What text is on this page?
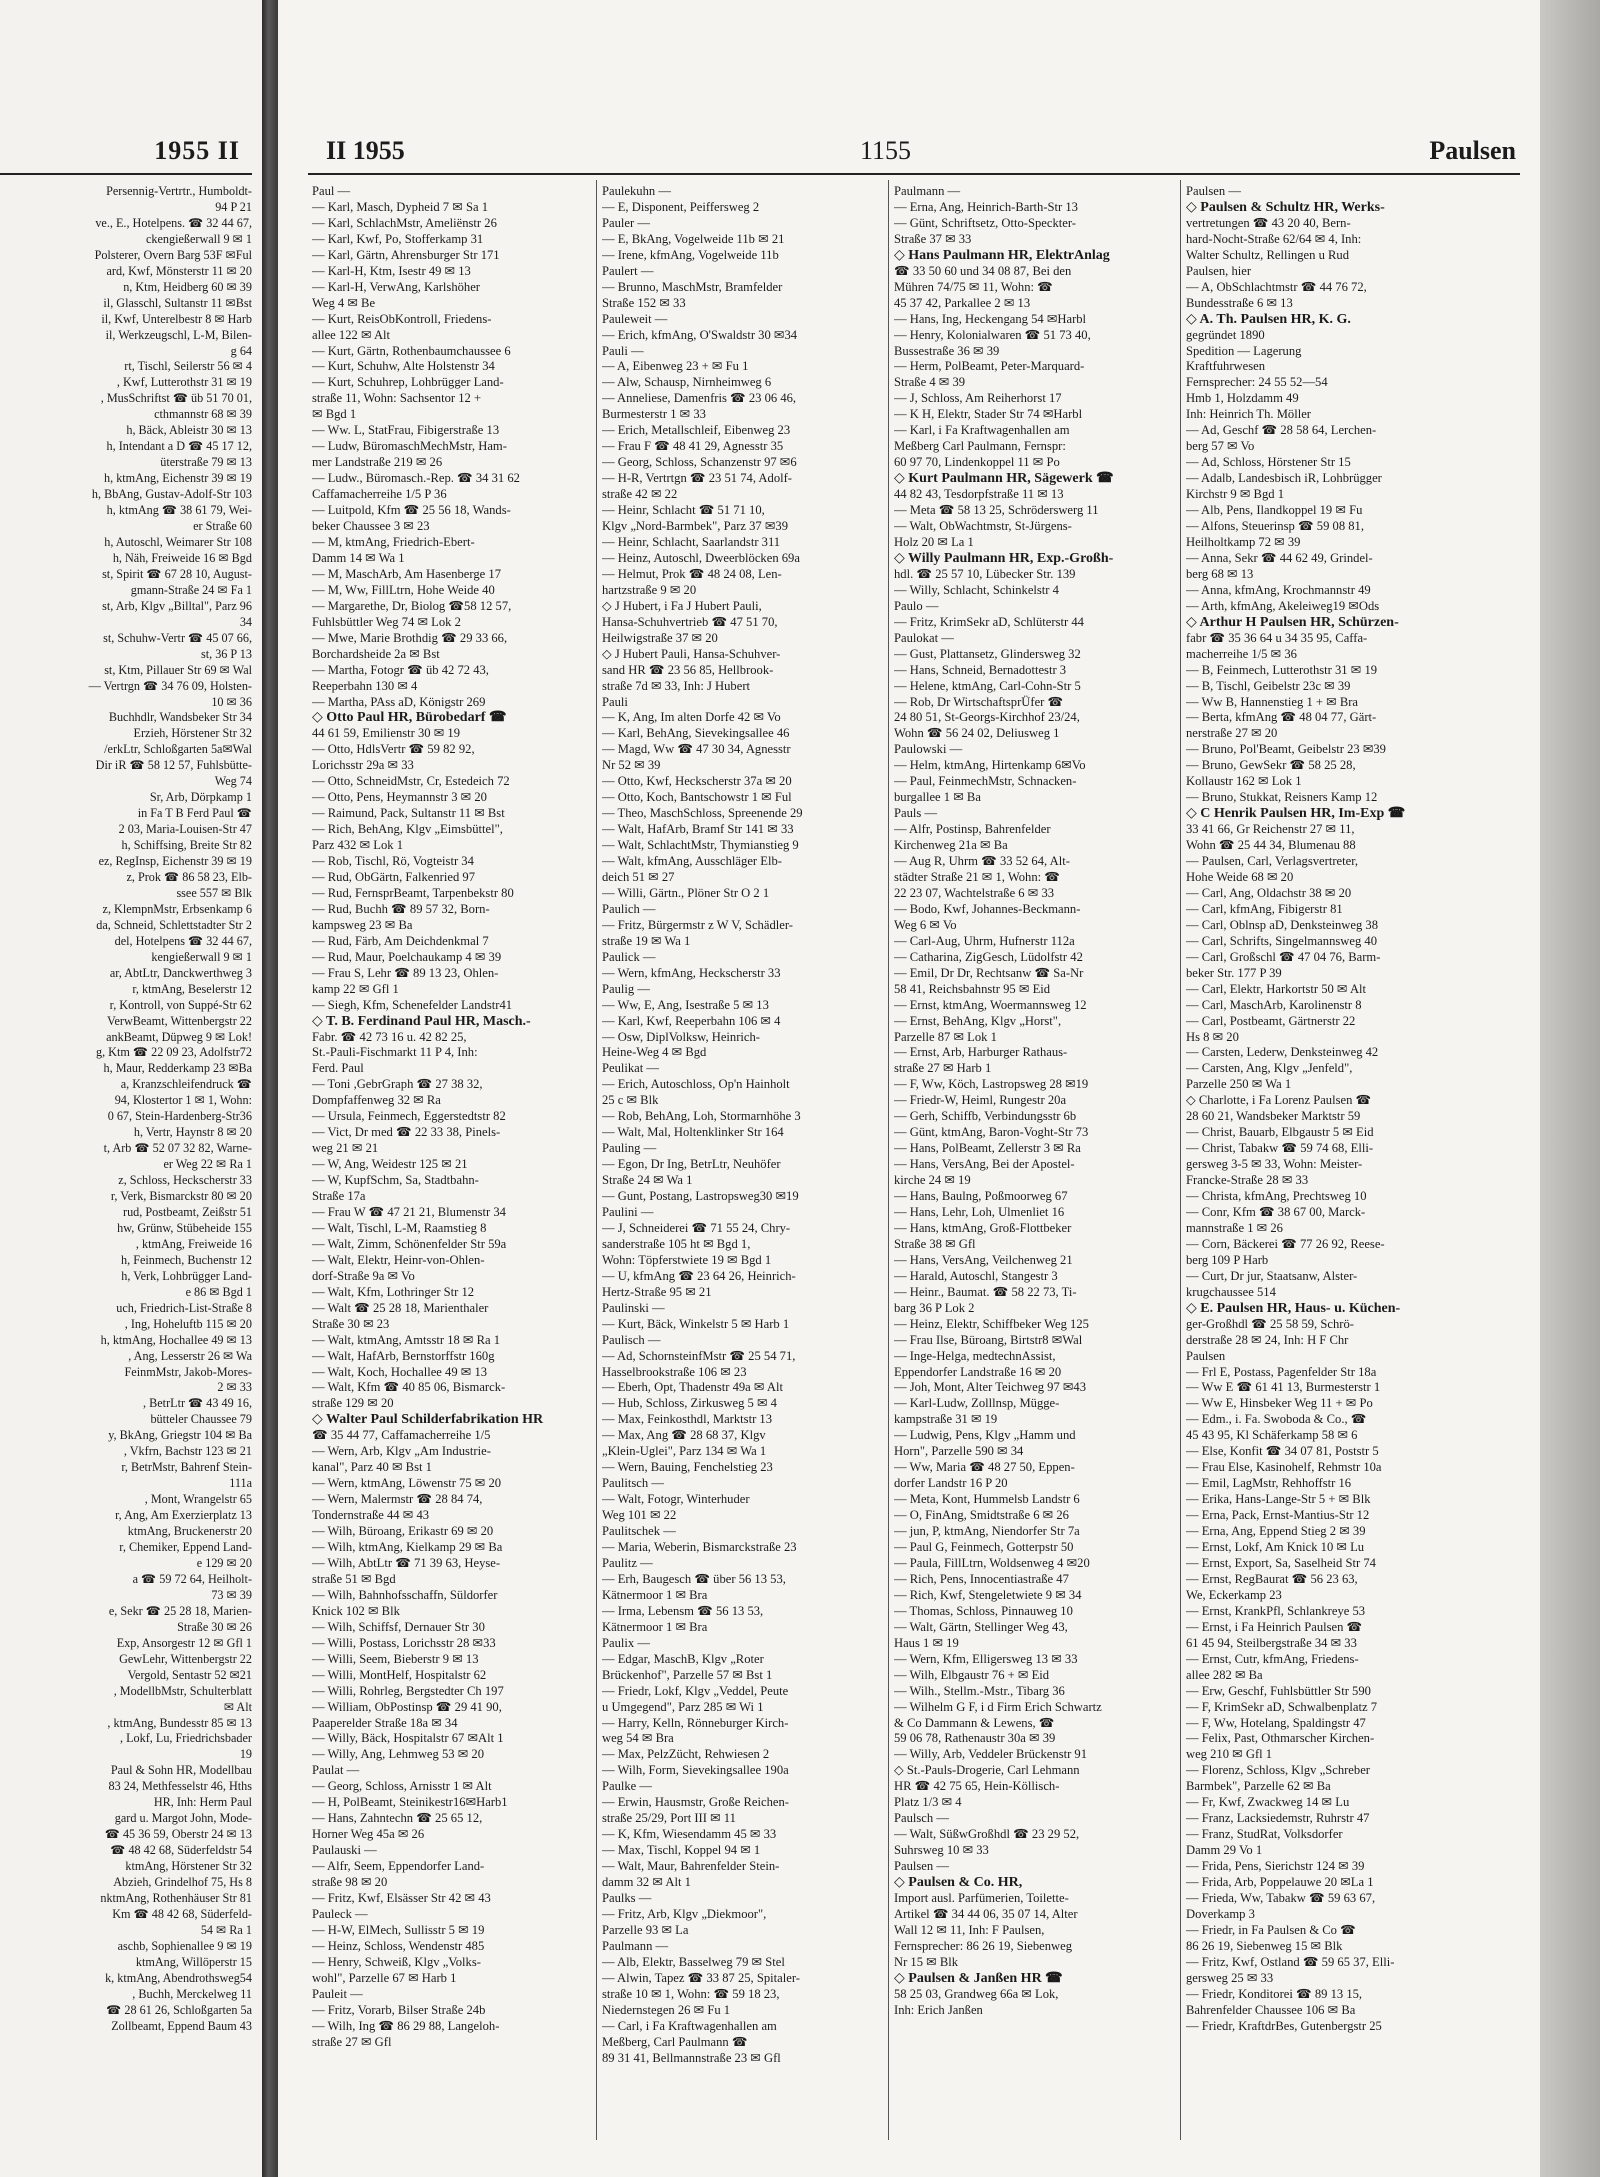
1955 II
Persennig-Vertrtr., Humboldt-
94 P 21
ve., E., Hotelpens. ☎ 32 44 67,
ckengießerwall 9 ✉ 1
Polsterer, Overn Barg 53F ✉Ful
ard, Kwf, Mönsterstr 11 ✉ 20
n, Ktm, Heidberg 60 ✉ 39
il, Glasschl, Sultanstr 11 ✉Bst
il, Kwf, Unterelbestr 8 ✉ Harb
il, Werkzeugschl, L-M, Bilen-
g 64
rt, Tischl, Seilerstr 56 ✉ 4
, Kwf, Lutterothstr 31 ✉ 19
, MusSchriftst ☎ üb 51 70 01,
cthmannstr 68 ✉ 39
h, Bäck, Ableistr 30 ✉ 13
h, Intendant a D ☎ 45 17 12,
üterstraße 79 ✉ 13
h, ktmAng, Eichenstr 39 ✉ 19
h, BbAng, Gustav-Adolf-Str 103
h, ktmAng ☎ 38 61 79, Wei-
er Straße 60
h, Autoschl, Weimarer Str 108
h, Näh, Freiweide 16 ✉ Bgd
st, Spirit ☎ 67 28 10, August-
gmann-Straße 24 ✉ Fa 1
st, Arb, Klgv „Billtal", Parz 96
34
st, Schuhw-Vertr ☎ 45 07 66,
st, 36 P 13
st, Ktm, Pillauer Str 69 ✉ Wal
— Vertrgn ☎ 34 76 09, Holsten-
10 ✉ 36
Buchhdlr, Wandsbeker Str 34
Erzieh, Hörstener Str 32
/erkLtr, Schloßgarten 5a✉Wal
Dir iR ☎ 58 12 57, Fuhlsbütte-
Weg 74
Sr, Arb, Dörpkamp 1
in Fa T B Ferd Paul ☎
2 03, Maria-Louisen-Str 47
h, Schiffsing, Breite Str 82
ez, RegInsp, Eichenstr 39 ✉ 19
z, Prok ☎ 86 58 23, Elb-
ssee 557 ✉ Blk
z, KlempnMstr, Erbsenkamp 6
da, Schneid, Schlettstadter Str 2
del, Hotelpens ☎ 32 44 67,
kengießerwall 9 ✉ 1
ar, AbtLtr, Danckwerthweg 3
r, ktmAng, Beselerstr 12
r, Kontroll, von Suppé-Str 62
VerwBeamt, Wittenbergstr 22
ankBeamt, Düpweg 9 ✉ Lok!
g, Ktm ☎ 22 09 23, Adolfstr72
h, Maur, Redderkamp 23 ✉Ba
a, Kranzschleifendruck ☎
94, Klostertor 1 ✉ 1, Wohn:
0 67, Stein-Hardenberg-Str36
h, Vertr, Haynstr 8 ✉ 20
t, Arb ☎ 52 07 32 82, Warne-
er Weg 22 ✉ Ra 1
z, Schloss, Heckscherstr 33
r, Verk, Bismarckstr 80 ✉ 20
rud, Postbeamt, Zeißstr 51
hw, Grünw, Stübeheide 155
, ktmAng, Freiweide 16
h, Feinmech, Buchenstr 12
h, Verk, Lohbrügger Land-
e 86 ✉ Bgd 1
uch, Friedrich-List-Straße 8
, Ing, Hoheluftb 115 ✉ 20
h, ktmAng, Hochallee 49 ✉ 13
, Ang, Lesserstr 26 ✉ Wa
FeinmMstr, Jakob-Mores-
2 ✉ 33
, BetrLtr ☎ 43 49 16,
bütteler Chaussee 79
y, BkAng, Griegstr 104 ✉ Ba
, Vkfrn, Bachstr 123 ✉ 21
r, BetrMstr, Bahrenf Stein-
111a
, Mont, Wrangelstr 65
r, Ang, Am Exerzierplatz 13
ktmAng, Bruckenerstr 20
r, Chemiker, Eppend Land-
e 129 ✉ 20
a ☎ 59 72 64, Heilholt-
73 ✉ 39
e, Sekr ☎ 25 28 18, Marien-
Straße 30 ✉ 26
Exp, Ansorgestr 12 ✉ Gfl 1
GewLehr, Wittenbergstr 22
Vergold, Sentastr 52 ✉21
, ModellbMstr, Schulterblatt
✉ Alt
, ktmAng, Bundesstr 85 ✉ 13
, Lokf, Lu, Friedrichsbader
19
Paul & Sohn HR, Modellbau
83 24, Methfesselstr 46, Hths
HR, Inh: Herm Paul
gard u. Margot John, Mode-
☎ 45 36 59, Oberstr 24 ✉ 13
☎ 48 42 68, Süderfeldstr 54
ktmAng, Hörstener Str 32
Abzieh, Grindelhof 75, Hs 8
nktmAng, Rothenhäuser Str 81
Km ☎ 48 42 68, Süderfeld-
54 ✉ Ra 1
aschb, Sophienallee 9 ✉ 19
ktmAng, Willöperstr 15
k, ktmAng, Abendrothsweg54
, Buchh, Merckelweg 11
☎ 28 61 26, Schloßgarten 5a
Zollbeamt, Eppend Baum 43
II 1955	1155	Paulsen
Paul —
— Karl, Masch, Dypheid 7 ✉ Sa 1
— Karl, SchlachMstr, Ameliënstr 26
— Karl, Kwf, Po, Stofferkamp 31
— Karl, Gärtn, Ahrensburger Str 171
— Karl-H, Ktm, Isestr 49 ✉ 13
— Karl-H, VerwAng, Karlshöher
Weg 4 ✉ Be
— Kurt, ReisObKontroll, Friedens-
allee 122 ✉ Alt
— Kurt, Gärtn, Rothenbaumchaussee 6
— Kurt, Schuhw, Alte Holstenstr 34
— Kurt, Schuhrep, Lohbrügger Land-
straße 11, Wohn: Sachsentor 12 +
✉ Bgd 1
— Ww. L, StatFrau, Fibigerstraße 13
— Ludw, BüromaschMechMstr, Ham-
mer Landstraße 219 ✉ 26
— Ludw., Büromasch.-Rep. ☎ 34 31 62
Caffamacherreihe 1/5 P 36
— Luitpold, Kfm ☎ 25 56 18, Wands-
beker Chaussee 3 ✉ 23
— M, ktmAng, Friedrich-Ebert-
Damm 14 ✉ Wa 1
— M, MaschArb, Am Hasenberge 17
— M, Ww, FillLtrn, Hohe Weide 40
— Margarethe, Dr, Biolog ☎58 12 57,
Fuhlsbüttler Weg 74 ✉ Lok 2
— Mwe, Marie Brothdig ☎ 29 33 66,
Borchardsheide 2a ✉ Bst
— Martha, Fotogr ☎ üb 42 72 43,
Reeperbahn 130 ✉ 4
— Martha, PAss aD, Königstr 269
◇ Otto Paul HR, Bürobedarf ☎
44 61 59, Emilienstr 30 ✉ 19
— Otto, HdlsVertr ☎ 59 82 92,
Lorichsstr 29a ✉ 33
— Otto, SchneidMstr, Cr, Estedeich 72
— Otto, Pens, Heymannstr 3 ✉ 20
— Raimund, Pack, Sultanstr 11 ✉ Bst
— Rich, BehAng, Klgv „Eimsbüttel",
Parz 432 ✉ Lok 1
— Rob, Tischl, Rö, Vogteistr 34
— Rud, ObGärtn, Falkenried 97
— Rud, FernsprBeamt, Tarpenbekstr 80
— Rud, Buchh ☎ 89 57 32, Born-
kampsweg 23 ✉ Ba
— Rud, Färb, Am Deichdenkmal 7
— Rud, Maur, Poelchaukamp 4 ✉ 39
— Frau S, Lehr ☎ 89 13 23, Ohlen-
kamp 22 ✉ Gfl 1
— Siegh, Kfm, Schenefelder Landstr41
◇ T. B. Ferdinand Paul HR, Masch.-
Fabr. ☎ 42 73 16 u. 42 82 25,
St.-Pauli-Fischmarkt 11 P 4, Inh:
Ferd. Paul
— Toni ,GebrGraph ☎ 27 38 32,
Dompfaffenweg 32 ✉ Ra
— Ursula, Feinmech, Eggerstedtstr 82
— Vict, Dr med ☎ 22 33 38, Pinels-
weg 21 ✉ 21
— W, Ang, Weidestr 125 ✉ 21
— W, KupfSchm, Sa, Stadtbahn-
Straße 17a
— Frau W ☎ 47 21 21, Blumenstr 34
— Walt, Tischl, L-M, Raamstieg 8
— Walt, Zimm, Schönenfelder Str 59a
— Walt, Elektr, Heinr-von-Ohlen-
dorf-Straße 9a ✉ Vo
— Walt, Kfm, Lothringer Str 12
— Walt ☎ 25 28 18, Marienthaler
Straße 30 ✉ 23
— Walt, ktmAng, Amtsstr 18 ✉ Ra 1
— Walt, HafArb, Bernstorffstr 160g
— Walt, Koch, Hochallee 49 ✉ 13
— Walt, Kfm ☎ 40 85 06, Bismarck-
straße 129 ✉ 20
◇ Walter Paul Schilderfabrikation HR
☎ 35 44 77, Caffamacherreihe 1/5
— Wern, Arb, Klgv „Am Industrie-
kanal", Parz 40 ✉ Bst 1
— Wern, ktmAng, Löwenstr 75 ✉ 20
— Wern, Malermstr ☎ 28 84 74,
Tondernstraße 44 ✉ 43
— Wilh, Büroang, Erikastr 69 ✉ 20
— Wilh, ktmAng, Kielkamp 29 ✉ Ba
— Wilh, AbtLtr ☎ 71 39 63, Heyse-
straße 51 ✉ Bgd
— Wilh, Bahnhofsschaffn, Süldorfer
Knick 102 ✉ Blk
— Wilh, Schiffsf, Dernauer Str 30
— Willi, Postass, Lorichsstr 28 ✉33
— Willi, Seem, Bieberstr 9 ✉ 13
— Willi, MontHelf, Hospitalstr 62
— Willi, Rohrleg, Bergstedter Ch 197
— William, ObPostinsp ☎ 29 41 90,
Paaperelder Straße 18a ✉ 34
— Willy, Bäck, Hospitalstr 67 ✉Alt 1
— Willy, Ang, Lehmweg 53 ✉ 20
Paulat —
— Georg, Schloss, Arnisstr 1 ✉ Alt
— H, PolBeamt, Steinikestr16✉Harb1
— Hans, Zahntechn ☎ 25 65 12,
Horner Weg 45a ✉ 26
Paulauski —
— Alfr, Seem, Eppendorfer Land-
straße 98 ✉ 20
— Fritz, Kwf, Elsässer Str 42 ✉ 43
Pauleck —
— H-W, ElMech, Sullisstr 5 ✉ 19
— Heinz, Schloss, Wendenstr 485
— Henry, Schweiß, Klgv „Volks-
wohl", Parzelle 67 ✉ Harb 1
Pauleit —
— Fritz, Vorarb, Bilser Straße 24b
— Wilh, Ing ☎ 86 29 88, Langeloh-
straße 27 ✉ Gfl
Paulekuhn —
— E, Disponent, Peiffersweg 2
Pauler —
— E, BkAng, Vogelweide 11b ✉ 21
— Irene, kfmAng, Vogelweide 11b
Paulert —
— Brunno, MaschMstr, Bramfelder
Straße 152 ✉ 33
Pauleweit —
— Erich, kfmAng, O'Swaldstr 30 ✉34
Pauli —
— A, Eibenweg 23 + ✉ Fu 1
— Alw, Schausp, Nirnheimweg 6
— Anneliese, Damenfris ☎ 23 06 46,
Burmesterstr 1 ✉ 33
— Erich, Metallschleif, Eibenweg 23
— Frau F ☎ 48 41 29, Agnesstr 35
— Georg, Schloss, Schanzenstr 97 ✉6
— H-R, Vertrtgn ☎ 23 51 74, Adolf-
straße 42 ✉ 22
— Heinr, Schlacht ☎ 51 71 10,
Klgv „Nord-Barmbek", Parz 37 ✉39
— Heinr, Schlacht, Saarlandstr 311
— Heinz, Autoschl, Dweerblöcken 69a
— Helmut, Prok ☎ 48 24 08, Len-
hartzstraße 9 ✉ 20
◇ J Hubert, i Fa J Hubert Pauli,
Hansa-Schuhvertrieb ☎ 47 51 70,
Heilwigstraße 37 ✉ 20
◇ J Hubert Pauli, Hansa-Schuhver-
sand HR ☎ 23 56 85, Hellbrook-
straße 7d ✉ 33, Inh: J Hubert
Pauli
— K, Ang, Im alten Dorfe 42 ✉ Vo
— Karl, BehAng, Sievekingsallee 46
— Magd, Ww ☎ 47 30 34, Agnesstr
Nr 52 ✉ 39
— Otto, Kwf, Heckscherstr 37a ✉ 20
— Otto, Koch, Bantschowstr 1 ✉ Ful
— Theo, MaschSchloss, Spreenende 29
— Walt, HafArb, Bramf Str 141 ✉ 33
— Walt, SchlachtMstr, Thymianstieg 9
— Walt, kfmAng, Ausschläger Elb-
deich 51 ✉ 27
— Willi, Gärtn., Plöner Str O 2 1
Paulich —
— Fritz, Bürgermstr z W V, Schädler-
straße 19 ✉ Wa 1
Paulick —
— Wern, kfmAng, Heckscherstr 33
Paulig —
— Ww, E, Ang, Isestraße 5 ✉ 13
— Karl, Kwf, Reeperbahn 106 ✉ 4
— Osw, DiplVolksw, Heinrich-
Heine-Weg 4 ✉ Bgd
Peulikat —
— Erich, Autoschloss, Op'n Hainholt
25 c ✉ Blk
— Rob, BehAng, Loh, Stormarnhöhe 3
— Walt, Mal, Holtenklinker Str 164
Pauling —
— Egon, Dr Ing, BetrLtr, Neuhöfer
Straße 24 ✉ Wa 1
— Gunt, Postang, Lastropsweg30 ✉19
Paulini —
— J, Schneiderei ☎ 71 55 24, Chry-
sanderstraße 105 ht ✉ Bgd 1,
Wohn: Töpferstwiete 19 ✉ Bgd 1
— U, kfmAng ☎ 23 64 26, Heinrich-
Hertz-Straße 95 ✉ 21
Paulinski —
— Kurt, Bäck, Winkelstr 5 ✉ Harb 1
Paulisch —
— Ad, SchornsteinfMstr ☎ 25 54 71,
Hasselbrookstraße 106 ✉ 23
— Eberh, Opt, Thadenstr 49a ✉ Alt
— Hub, Schloss, Zirkusweg 5 ✉ 4
— Max, Feinkosthdl, Marktstr 13
— Max, Ang ☎ 28 68 37, Klgv
„Klein-Uglei", Parz 134 ✉ Wa 1
— Wern, Bauing, Fenchelstieg 23
Paulitsch —
— Walt, Fotogr, Winterhuder
Weg 101 ✉ 22
Paulitschek —
— Maria, Weberin, Bismarckstraße 23
Paulitz —
— Erh, Baugesch ☎ über 56 13 53,
Kätnermoor 1 ✉ Bra
— Irma, Lebensm ☎ 56 13 53,
Kätnermoor 1 ✉ Bra
Paulix —
— Edgar, MaschB, Klgv „Roter
Brückenhof", Parzelle 57 ✉ Bst 1
— Friedr, Lokf, Klgv „Veddel, Peute
u Umgegend", Parz 285 ✉ Wi 1
— Harry, Kelln, Rönneburger Kirch-
weg 54 ✉ Bra
— Max, PelzZücht, Rehwiesen 2
— Wilh, Form, Sievekingsallee 190a
Paulke —
— Erwin, Hausmstr, Große Reichen-
straße 25/29, Port III ✉ 11
— K, Kfm, Wiesendamm 45 ✉ 33
— Max, Tischl, Koppel 94 ✉ 1
— Walt, Maur, Bahrenfelder Stein-
damm 32 ✉ Alt 1
Paulks —
— Fritz, Arb, Klgv „Diekmoor",
Parzelle 93 ✉ La
Paulmann —
— Alb, Elektr, Basselweg 79 ✉ Stel
— Alwin, Tapez ☎ 33 87 25, Spitaler-
straße 10 ✉ 1, Wohn: ☎ 59 18 23,
Niedernstegen 26 ✉ Fu 1
— Carl, i Fa Kraftwagenhallen am
Meßberg, Carl Paulmann ☎
89 31 41, Bellmannstraße 23 ✉ Gfl
Paulmann —
— Erna, Ang, Heinrich-Barth-Str 13
— Günt, Schriftsetz, Otto-Speckter-
Straße 37 ✉ 33
◇ Hans Paulmann HR, ElektrAnlag
☎ 33 50 60 und 34 08 87, Bei den
Mühren 74/75 ✉ 11, Wohn: ☎
45 37 42, Parkallee 2 ✉ 13
— Hans, Ing, Heckengang 54 ✉Harbl
— Henry, Kolonialwaren ☎ 51 73 40,
Bussestraße 36 ✉ 39
— Herm, PolBeamt, Peter-Marquard-
Straße 4 ✉ 39
— J, Schloss, Am Reiherhorst 17
— K H, Elektr, Stader Str 74 ✉Harbl
— Karl, i Fa Kraftwagenhallen am
Meßberg Carl Paulmann, Fernspr:
60 97 70, Lindenkoppel 11 ✉ Po
◇ Kurt Paulmann HR, Sägewerk ☎
44 82 43, Tesdorpfstraße 11 ✉ 13
— Meta ☎ 58 13 25, Schröderswerg 11
— Walt, ObWachtmstr, St-Jürgens-
Holz 20 ✉ La 1
◇ Willy Paulmann HR, Exp.-Großh-
hdl. ☎ 25 57 10, Lübecker Str. 139
— Willy, Schlacht, Schinkelstr 4
Paulo —
— Fritz, KrimSekr aD, Schlüterstr 44
Paulokat —
— Gust, Plattansetz, Glindersweg 32
— Hans, Schneid, Bernadottestr 3
— Helene, ktmAng, Carl-Cohn-Str 5
— Rob, Dr WirtschaftsprÜfer ☎
24 80 51, St-Georgs-Kirchhof 23/24,
Wohn ☎ 56 24 02, Deliusweg 1
Paulowski —
— Helm, ktmAng, Hirtenkamp 6✉Vo
— Paul, FeinmechMstr, Schnacken-
burgallee 1 ✉ Ba
Pauls —
— Alfr, Postinsp, Bahrenfelder
Kirchenweg 21a ✉ Ba
— Aug R, Uhrm ☎ 33 52 64, Alt-
städter Straße 21 ✉ 1, Wohn: ☎
22 23 07, Wachtelstraße 6 ✉ 33
— Bodo, Kwf, Johannes-Beckmann-
Weg 6 ✉ Vo
— Carl-Aug, Uhrm, Hufnerstr 112a
— Catharina, ZigGesch, Lüdolfstr 42
— Emil, Dr Dr, Rechtsanw ☎ Sa-Nr
58 41, Reichsbahnstr 95 ✉ Eid
— Ernst, ktmAng, Woermannsweg 12
— Ernst, BehAng, Klgv „Horst",
Parzelle 87 ✉ Lok 1
— Ernst, Arb, Harburger Rathaus-
straße 27 ✉ Harb 1
— F, Ww, Köch, Lastropsweg 28 ✉19
— Friedr-W, Heiml, Rungestr 20a
— Gerh, Schiffb, Verbindungsstr 6b
— Günt, ktmAng, Baron-Voght-Str 73
— Hans, PolBeamt, Zellerstr 3 ✉ Ra
— Hans, VersAng, Bei der Apostel-
kirche 24 ✉ 19
— Hans, Baulng, Poßmoorweg 67
— Hans, Lehr, Loh, Ulmenliet 16
— Hans, ktmAng, Groß-Flottbeker
Straße 38 ✉ Gfl
— Hans, VersAng, Veilchenweg 21
— Harald, Autoschl, Stangestr 3
— Heinr., Baumat. ☎ 58 22 73, Ti-
barg 36 P Lok 2
— Heinz, Elektr, Schiffbeker Weg 125
— Frau Ilse, Büroang, Birtstr8 ✉Wal
— Inge-Helga, medtechnAssist,
Eppendorfer Landstraße 16 ✉ 20
— Joh, Mont, Alter Teichweg 97 ✉43
— Karl-Ludw, Zolllnsp, Mügge-
kampstraße 31 ✉ 19
— Ludwig, Pens, Klgv „Hamm und
Horn", Parzelle 590 ✉ 34
— Ww, Maria ☎ 48 27 50, Eppen-
dorfer Landstr 16 P 20
— Meta, Kont, Hummelsb Landstr 6
— O, FinAng, Smidtstraße 6 ✉ 26
— jun, P, ktmAng, Niendorfer Str 7a
— Paul G, Feinmech, Gotterpstr 50
— Paula, FillLtrn, Woldsenweg 4 ✉20
— Rich, Pens, Innocentiastraße 47
— Rich, Kwf, Stengeletwiete 9 ✉ 34
— Thomas, Schloss, Pinnauweg 10
— Walt, Gärtn, Stellinger Weg 43,
Haus 1 ✉ 19
— Wern, Kfm, Elligersweg 13 ✉ 33
— Wilh, Elbgaustr 76 + ✉ Eid
— Wilh., Stellm.-Mstr., Tibarg 36
— Wilhelm G F, i d Firm Erich Schwartz
& Co Dammann & Lewens, ☎
59 06 78, Rathenaustr 30a ✉ 39
— Willy, Arb, Veddeler Brückenstr 91
◇ St.-Pauls-Drogerie, Carl Lehmann
HR ☎ 42 75 65, Hein-Köllisch-
Platz 1/3 ✉ 4
Paulsch —
— Walt, SüßwGroßhdl ☎ 23 29 52,
Suhrsweg 10 ✉ 33
Paulsen —
◇ Paulsen & Co. HR,
Import ausl. Parfümerien, Toilette-
Artikel ☎ 34 44 06, 35 07 14, Alter
Wall 12 ✉ 11, Inh: F Paulsen,
Fernsprecher: 86 26 19, Siebenweg
Nr 15 ✉ Blk
◇ Paulsen & Janßen HR ☎
58 25 03, Grandweg 66a ✉ Lok,
Inh: Erich Janßen
Paulsen —
◇ Paulsen & Schultz HR, Werks-
vertretungen ☎ 43 20 40, Bern-
hard-Nocht-Straße 62/64 ✉ 4, Inh:
Walter Schultz, Rellingen u Rud
Paulsen, hier
— A, ObSchlachtmstr ☎ 44 76 72,
Bundesstraße 6 ✉ 13
◇ A. Th. Paulsen HR, K. G.
gegründet 1890
Spedition — Lagerung
Kraftfuhrwesen
Fernsprecher: 24 55 52—54
Hmb 1, Holzdamm 49
Inh: Heinrich Th. Möller
— Ad, Geschf ☎ 28 58 64, Lerchen-
berg 57 ✉ Vo
— Ad, Schloss, Hörstener Str 15
— Adalb, Landesbisch iR, Lohbrügger
Kirchstr 9 ✉ Bgd 1
— Alb, Pens, Ilandkoppel 19 ✉ Fu
— Alfons, Steuerinsp ☎ 59 08 81,
Heilholtkamp 72 ✉ 39
— Anna, Sekr ☎ 44 62 49, Grindel-
berg 68 ✉ 13
— Anna, kfmAng, Krochmannstr 49
— Arth, kfmAng, Akeleiweg19 ✉Ods
◇ Arthur H Paulsen HR, Schürzen-
fabr ☎ 35 36 64 u 34 35 95, Caffa-
macherreihe 1/5 ✉ 36
— B, Feinmech, Lutterothstr 31 ✉ 19
— B, Tischl, Geibelstr 23c ✉ 39
— Ww B, Hannenstieg 1 + ✉ Bra
— Berta, kfmAng ☎ 48 04 77, Gärt-
nerstraße 27 ✉ 20
— Bruno, Pol'Beamt, Geibelstr 23 ✉39
— Bruno, GewSekr ☎ 58 25 28,
Kollaustr 162 ✉ Lok 1
— Bruno, Stukkat, Reisners Kamp 12
◇ C Henrik Paulsen HR, Im-Exp ☎
33 41 66, Gr Reichenstr 27 ✉ 11,
Wohn ☎ 25 44 34, Blumenau 88
— Paulsen, Carl, Verlagsvertreter,
Hohe Weide 68 ✉ 20
— Carl, Ang, Oldachstr 38 ✉ 20
— Carl, kfmAng, Fibigerstr 81
— Carl, Oblnsp aD, Denksteinweg 38
— Carl, Schrifts, Singelmannsweg 40
— Carl, Großschl ☎ 47 04 76, Barm-
beker Str. 177 P 39
— Carl, Elektr, Harkortstr 50 ✉ Alt
— Carl, MaschArb, Karolinenstr 8
— Carl, Postbeamt, Gärtnerstr 22
Hs 8 ✉ 20
— Carsten, Lederw, Denksteinweg 42
— Carsten, Ang, Klgv „Jenfeld",
Parzelle 250 ✉ Wa 1
◇ Charlotte, i Fa Lorenz Paulsen ☎
28 60 21, Wandsbeker Marktstr 59
— Christ, Bauarb, Elbgaustr 5 ✉ Eid
— Christ, Tabakw ☎ 59 74 68, Elli-
gersweg 3-5 ✉ 33, Wohn: Meister-
Francke-Straße 28 ✉ 33
— Christa, kfmAng, Prechtsweg 10
— Conr, Kfm ☎ 38 67 00, Marck-
mannstraße 1 ✉ 26
— Corn, Bäckerei ☎ 77 26 92, Reese-
berg 109 P Harb
— Curt, Dr jur, Staatsanw, Alster-
krugchaussee 514
◇ E. Paulsen HR, Haus- u. Küchen-
ger-Großhdl ☎ 25 58 59, Schrö-
derstraße 28 ✉ 24, Inh: H F Chr
Paulsen
— Frl E, Postass, Pagenfelder Str 18a
— Ww E ☎ 61 41 13, Burmesterstr 1
— Ww E, Hinsbeker Weg 11 + ✉ Po
— Edm., i. Fa. Swoboda & Co., ☎
45 43 95, Kl Schäferkamp 58 ✉ 6
— Else, Konfit ☎ 34 07 81, Poststr 5
— Frau Else, Kasinohelf, Rehmstr 10a
— Emil, LagMstr, Rehhoffstr 16
— Erika, Hans-Lange-Str 5 + ✉ Blk
— Erna, Pack, Ernst-Mantius-Str 12
— Erna, Ang, Eppend Stieg 2 ✉ 39
— Ernst, Lokf, Am Knick 10 ✉ Lu
— Ernst, Export, Sa, Saselheid Str 74
— Ernst, RegBaurat ☎ 56 23 63,
We, Eckerkamp 23
— Ernst, KrankPfl, Schlankreye 53
— Ernst, i Fa Heinrich Paulsen ☎
61 45 94, Steilbergstraße 34 ✉ 33
— Ernst, Cutr, kfmAng, Friedens-
allee 282 ✉ Ba
— Erw, Geschf, Fuhlsbüttler Str 590
— F, KrimSekr aD, Schwalbenplatz 7
— F, Ww, Hotelang, Spaldingstr 47
— Felix, Past, Othmarscher Kirchen-
weg 210 ✉ Gfl 1
— Florenz, Schloss, Klgv „Schreber
Barmbek", Parzelle 62 ✉ Ba
— Fr, Kwf, Zwackweg 14 ✉ Lu
— Franz, Lacksiedemstr, Ruhrstr 47
— Franz, StudRat, Volksdorfer
Damm 29 Vo 1
— Frida, Pens, Sierichstr 124 ✉ 39
— Frida, Arb, Poppelauwe 20 ✉La 1
— Frieda, Ww, Tabakw ☎ 59 63 67,
Doverkamp 3
— Friedr, in Fa Paulsen & Co ☎
86 26 19, Siebenweg 15 ✉ Blk
— Fritz, Kwf, Ostland ☎ 59 65 37, Elli-
gersweg 25 ✉ 33
— Friedr, Konditorei ☎ 89 13 15,
Bahrenfelder Chaussee 106 ✉ Ba
— Friedr, KraftdrBes, Gutenbergstr 25
